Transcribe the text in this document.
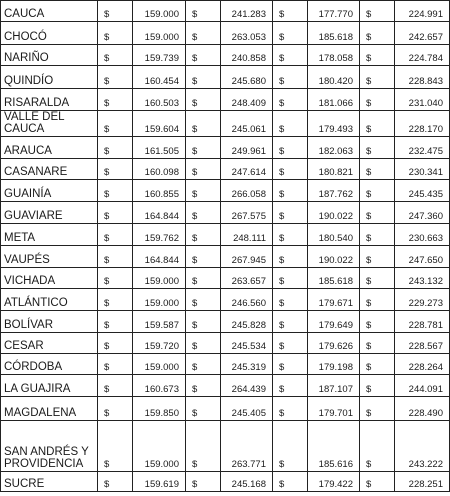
CAUCA	$	159.000	$	241.283	$	177.770	$	224.991
CHOCÓ	$	159.000	$	263.053	$	185.618	$	242.657
NARIÑO	$	159.739	$	240.858	$	178.058	$	224.784
QUINDÍO	$	160.454	$	245.680	$	180.420	$	228.843
RISARALDA	$	160.503	$	248.409	$	181.066	$	231.040
VALLE DEL CAUCA	$	159.604	$	245.061	$	179.493	$	228.170
ARAUCA	$	161.505	$	249.961	$	182.063	$	232.475
CASANARE	$	160.098	$	247.614	$	180.821	$	230.341
GUAINÍA	$	160.855	$	266.058	$	187.762	$	245.435
GUAVIARE	$	164.844	$	267.575	$	190.022	$	247.360
META	$	159.762	$	248.111	$	180.540	$	230.663
VAUPÉS	$	164.844	$	267.945	$	190.022	$	247.650
VICHADA	$	159.000	$	263.657	$	185.618	$	243.132
ATLÁNTICO	$	159.000	$	246.560	$	179.671	$	229.273
BOLÍVAR	$	159.587	$	245.828	$	179.649	$	228.781
CESAR	$	159.720	$	245.534	$	179.626	$	228.567
CÓRDOBA	$	159.000	$	245.319	$	179.198	$	228.264
LA GUAJIRA	$	160.673	$	264.439	$	187.107	$	244.091
MAGDALENA	$	159.850	$	245.405	$	179.701	$	228.490
SAN ANDRÉS Y PROVIDENCIA	$	159.000	$	263.771	$	185.616	$	243.222
SUCRE	$	159.619	$	245.168	$	179.422	$	228.251
